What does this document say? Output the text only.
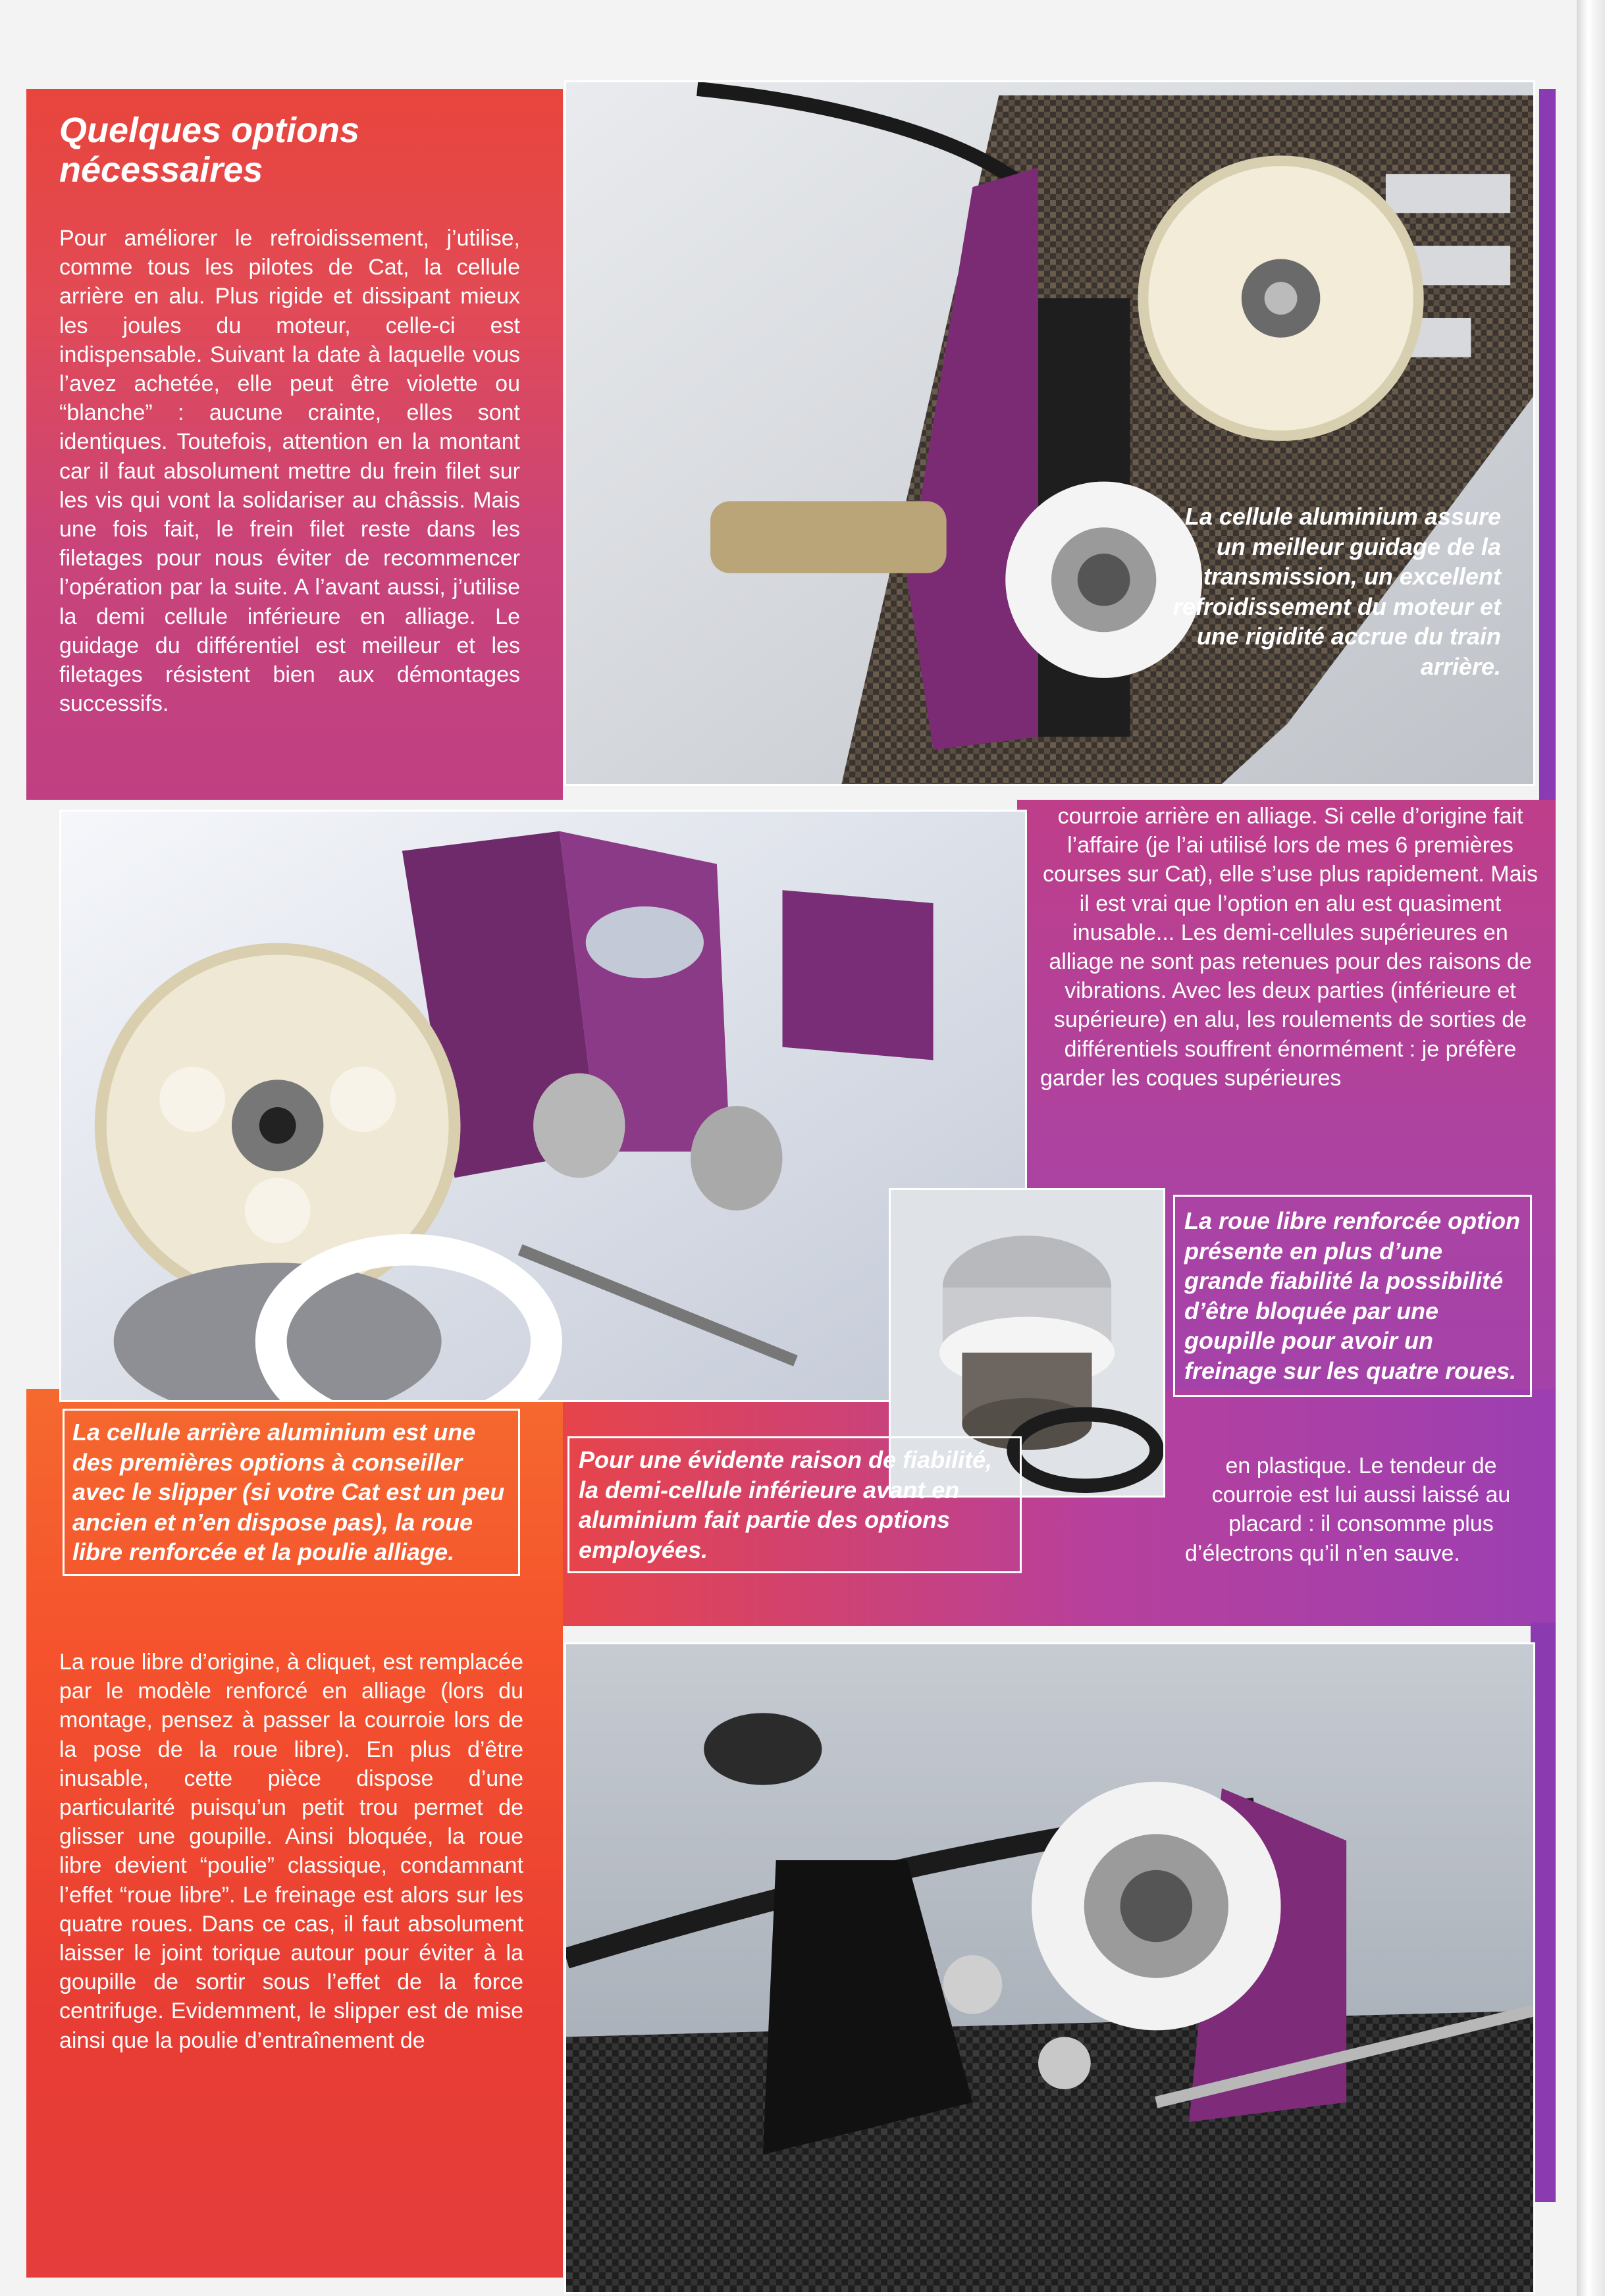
Quelques options nécessaires

Pour améliorer le refroidissement, j’utilise, comme tous les pilotes de Cat, la cellule arrière en alu. Plus rigide et dissipant mieux les joules du moteur, celle-ci est indispensable. Suivant la date à laquelle vous l’avez achetée, elle peut être violette ou “blanche” : aucune crainte, elles sont identiques. Toutefois, attention en la montant car il faut absolument mettre du frein filet sur les vis qui vont la solidariser au châssis. Mais une fois fait, le frein filet reste dans les filetages pour nous éviter de recommencer l’opération par la suite. A l’avant aussi, j’utilise la demi cellule inférieure en alliage. Le guidage du différentiel est meilleur et les filetages résistent bien aux démontages successifs.

La cellule aluminium assure un meilleur guidage de la transmission, un excellent refroidissement du moteur et une rigidité accrue du train arrière.

courroie arrière en alliage. Si celle d’origine fait l’affaire (je l’ai utilisé lors de mes 6 premières courses sur Cat), elle s’use plus rapidement. Mais il est vrai que l’option en alu est quasiment inusable... Les demi-cellules supérieures en alliage ne sont pas retenues pour des raisons de vibrations. Avec les deux parties (inférieure et supérieure) en alu, les roulements de sorties de différentiels souffrent énormément : je préfère garder les coques supérieures

La roue libre renforcée option présente en plus d’une grande fiabilité la possibilité d’être bloquée par une goupille pour avoir un freinage sur les quatre roues.
La cellule arrière aluminium est une des premières options à conseiller avec le slipper (si votre Cat est un peu ancien et n’en dispose pas), la roue libre renforcée et la poulie alliage.
Pour une évidente raison de fiabilité, la demi-cellule inférieure avant en aluminium fait partie des options employées.

en plastique. Le tendeur de courroie est lui aussi laissé au placard : il consomme plus d’électrons qu’il n’en sauve.

La roue libre d’origine, à cliquet, est remplacée par le modèle renforcé en alliage (lors du montage, pensez à passer la courroie lors de la pose de la roue libre). En plus d’être inusable, cette pièce dispose d’une particularité puisqu’un petit trou permet de glisser une goupille. Ainsi bloquée, la roue libre devient “poulie” classique, condamnant l’effet “roue libre”. Le freinage est alors sur les quatre roues. Dans ce cas, il faut absolument laisser le joint torique autour pour éviter à la goupille de sortir sous l’effet de la force centrifuge. Evidemment, le slipper est de mise ainsi que la poulie d’entraînement de
